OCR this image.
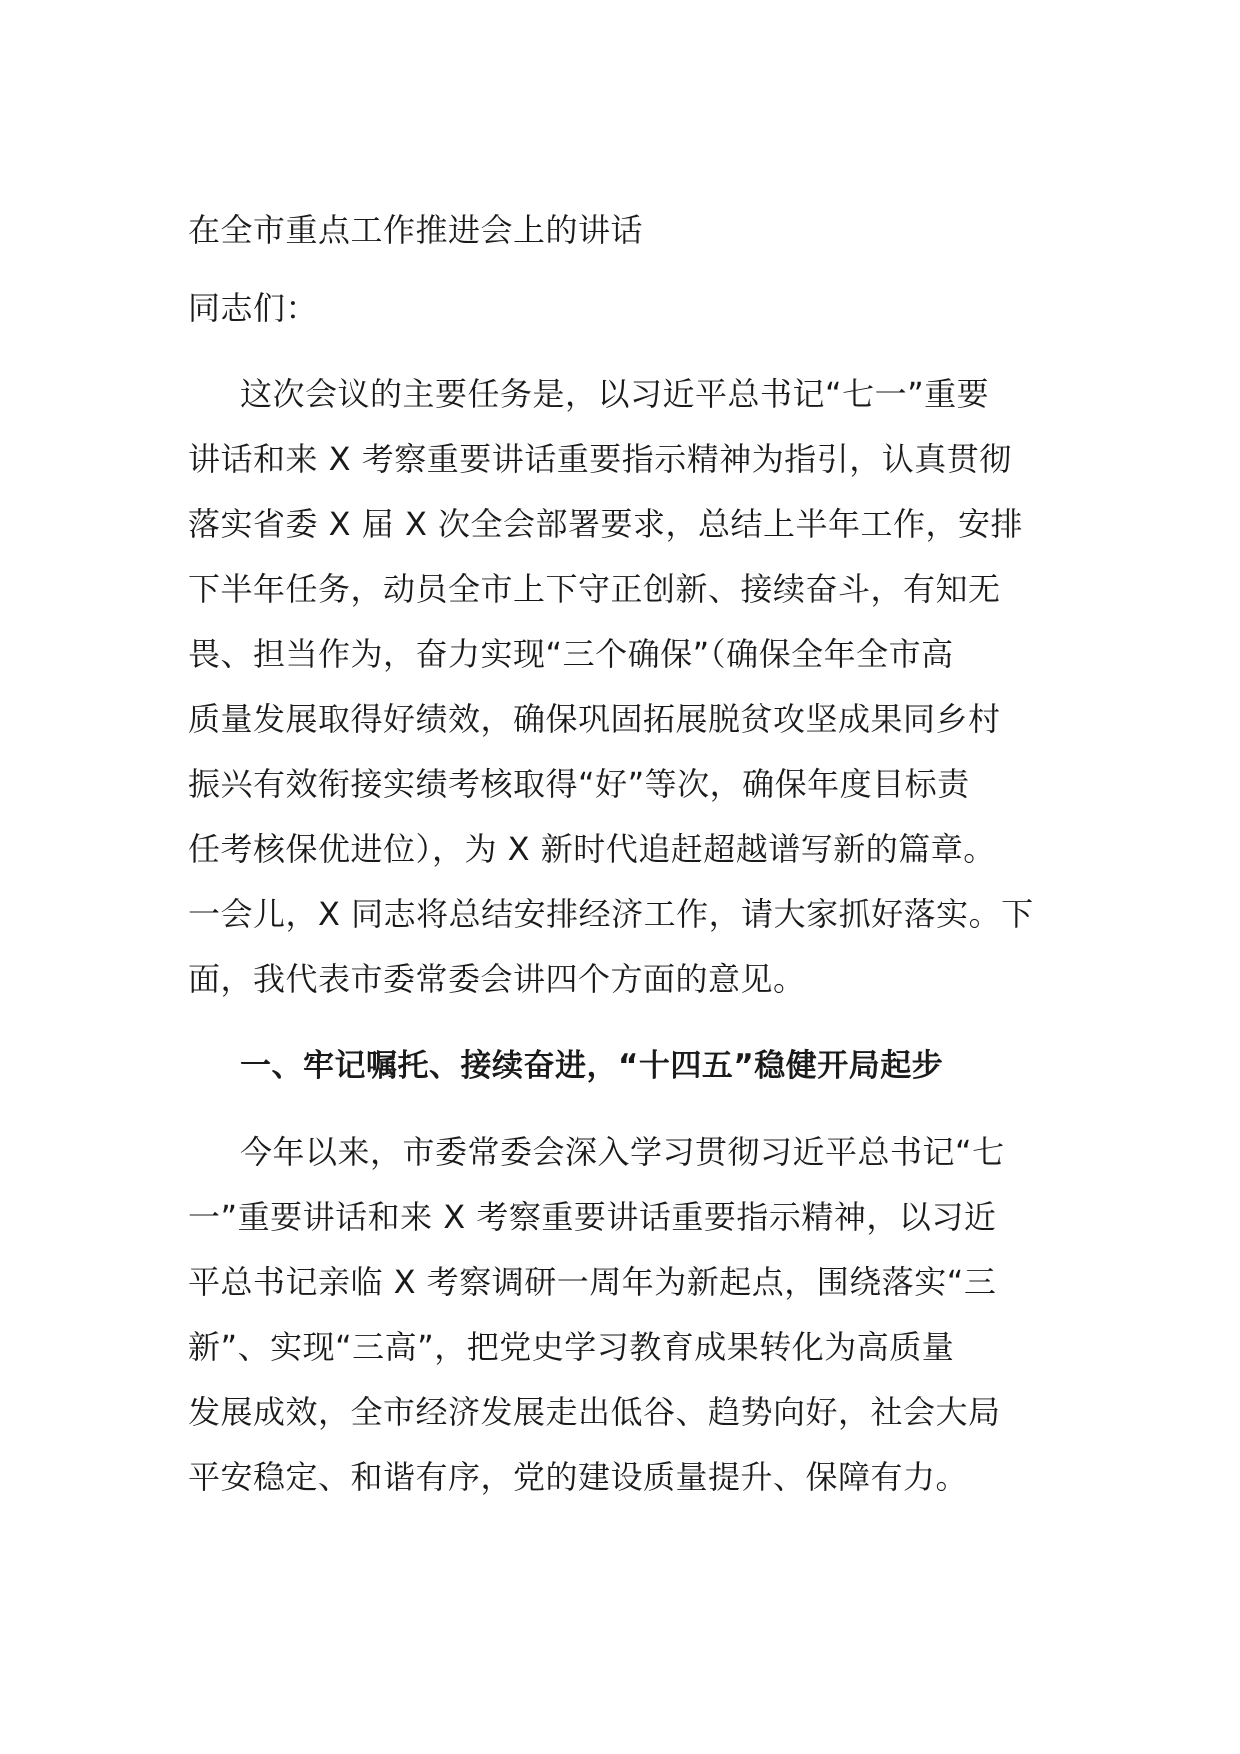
在全市重点工作推进会上的讲话
同志们：
这次会议的主要任务是，以习近平总书记“七一”重要
讲话和来 X 考察重要讲话重要指示精神为指引，认真贯彻
落实省委 X 届 X 次全会部署要求，总结上半年工作，安排
下半年任务，动员全市上下守正创新、接续奋斗，有知无
畏、担当作为，奋力实现“三个确保”（确保全年全市高
质量发展取得好绩效，确保巩固拓展脱贫攻坚成果同乡村
振兴有效衔接实绩考核取得“好”等次，确保年度目标责
任考核保优进位），为 X 新时代追赶超越谱写新的篇章。
一会儿，X 同志将总结安排经济工作，请大家抓好落实。下
面，我代表市委常委会讲四个方面的意见。
一、牢记嘱托、接续奋进，“十四五”稳健开局起步
今年以来，市委常委会深入学习贯彻习近平总书记“七
一”重要讲话和来 X 考察重要讲话重要指示精神，以习近
平总书记亲临 X 考察调研一周年为新起点，围绕落实“三
新”、实现“三高”，把党史学习教育成果转化为高质量
发展成效，全市经济发展走出低谷、趋势向好，社会大局
平安稳定、和谐有序，党的建设质量提升、保障有力。
